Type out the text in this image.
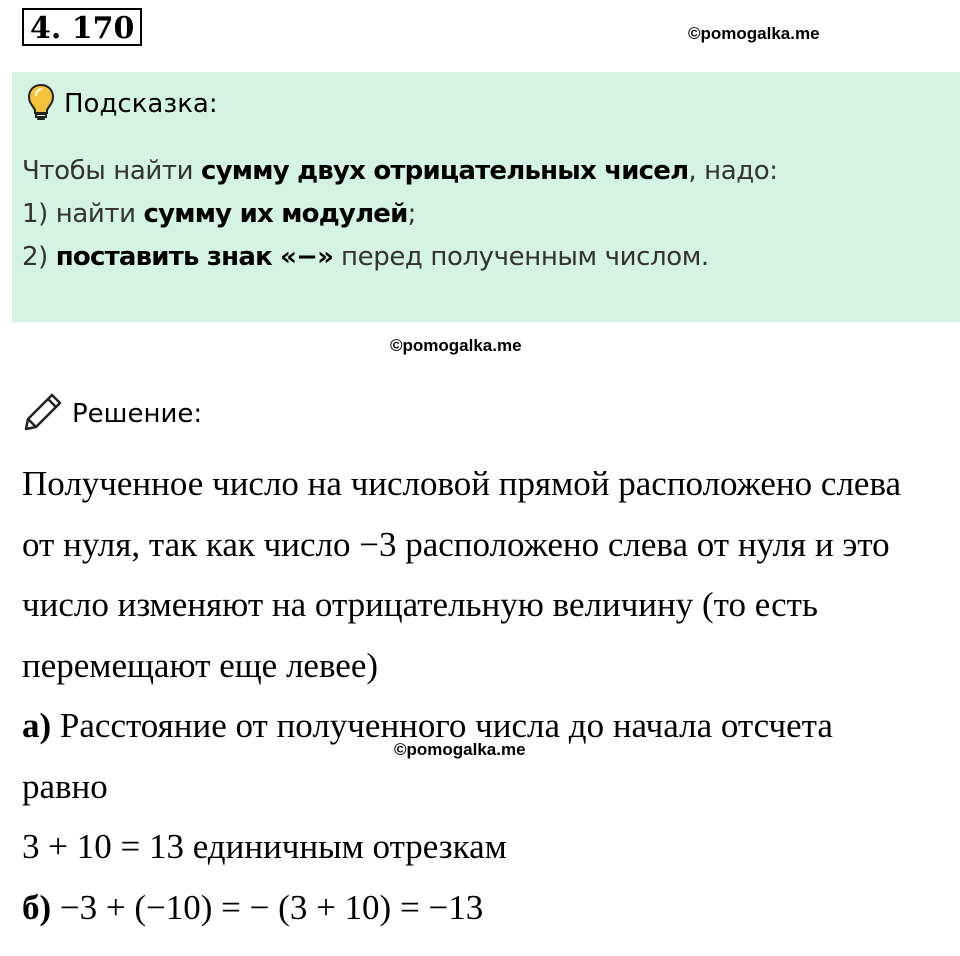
4. 170	©pomogalka.me
Подсказка:
Чтобы найти сумму двух отрицательных чисел, надо:
1) найти сумму их модулей;
2) поставить знак «−» перед полученным числом.
©pomogalka.me
Решение:

Полученное число на числовой прямой расположено слева

от нуля, так как число −3 расположено слева от нуля и это

число изменяют на отрицательную величину (то есть

перемещают еще левее)

а) Расстояние от полученного числа до начала отсчета

равно

3 + 10 = 13 единичным отрезкам

б) −3 + (−10) = − (3 + 10) = −13

©pomogalka.me
